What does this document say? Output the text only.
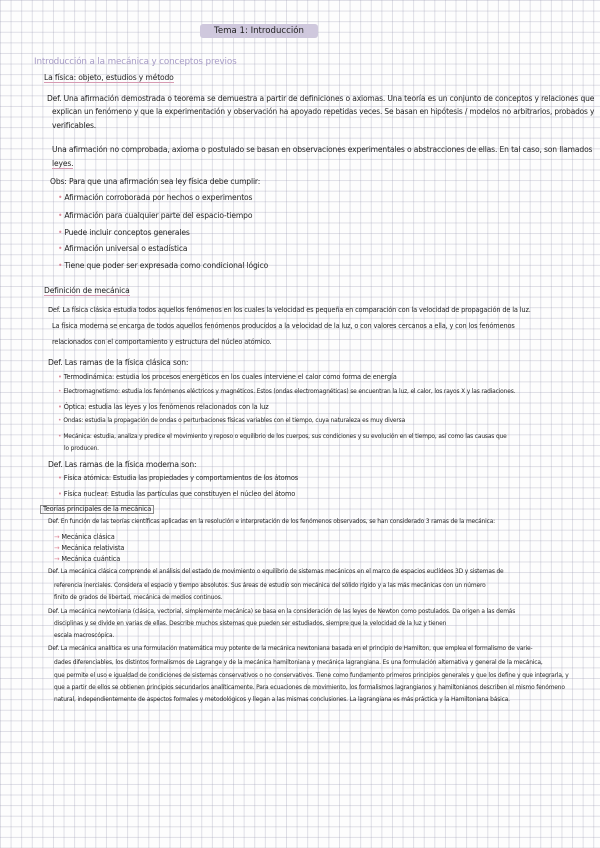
Tema 1: Introducción
Introducción a la mecánica y conceptos previos
La física: objeto, estudios y método
Def. Una afirmación demostrada o teorema se demuestra a partir de definiciones o axiomas. Una teoría es un conjunto de conceptos y relaciones que
explican un fenómeno y que la experimentación y observación ha apoyado repetidas veces. Se basan en hipótesis / modelos no arbitrarios, probados y
verificables.
Una afirmación no comprobada, axioma o postulado se basan en observaciones experimentales o abstracciones de ellas. En tal caso, son llamados
leyes.
Obs: Para que una afirmación sea ley física debe cumplir:
• Afirmación corroborada por hechos o experimentos
• Afirmación para cualquier parte del espacio-tiempo
• Puede incluir conceptos generales
• Afirmación universal o estadística
• Tiene que poder ser expresada como condicional lógico
Definición de mecánica
Def. La física clásica estudia todos aquellos fenómenos en los cuales la velocidad es pequeña en comparación con la velocidad de propagación de la luz.
La física moderna se encarga de todos aquellos fenómenos producidos a la velocidad de la luz, o con valores cercanos a ella, y con los fenómenos
relacionados con el comportamiento y estructura del núcleo atómico.
Def. Las ramas de la física clásica son:
• Termodinámica: estudia los procesos energéticos en los cuales interviene el calor como forma de energía
• Electromagnetismo: estudia los fenómenos eléctricos y magnéticos. Estos (ondas electromagnéticas) se encuentran la luz, el calor, los rayos X y las radiaciones.
• Óptica: estudia las leyes y los fenómenos relacionados con la luz
• Ondas: estudia la propagación de ondas o perturbaciones físicas variables con el tiempo, cuya naturaleza es muy diversa
• Mecánica: estudia, analiza y predice el movimiento y reposo o equilibrio de los cuerpos, sus condiciones y su evolución en el tiempo, así como las causas que
lo producen.
Def. Las ramas de la física moderna son:
• Física atómica: Estudia las propiedades y comportamientos de los átomos
• Física nuclear: Estudia las partículas que constituyen el núcleo del átomo
Teorías principales de la mecánica
Def. En función de las teorías científicas aplicadas en la resolución e interpretación de los fenómenos observados, se han considerado 3 ramas de la mecánica:
→ Mecánica clásica
→ Mecánica relativista
→ Mecánica cuántica
Def. La mecánica clásica comprende el análisis del estado de movimiento o equilibrio de sistemas mecánicos en el marco de espacios euclídeos 3D y sistemas de
referencia inerciales. Considera el espacio y tiempo absolutos. Sus áreas de estudio son mecánica del sólido rígido y a las más mecánicas con un número
finito de grados de libertad, mecánica de medios continuos.
Def. La mecánica newtoniana (clásica, vectorial, simplemente mecánica) se basa en la consideración de las leyes de Newton como postulados. Da origen a las demás
disciplinas y se divide en varias de ellas. Describe muchos sistemas que pueden ser estudiados, siempre que la velocidad de la luz y tienen
escala macroscópica.
Def. La mecánica analítica es una formulación matemática muy potente de la mecánica newtoniana basada en el principio de Hamilton, que emplea el formalismo de varie-
dades diferenciables, los distintos formalismos de Lagrange y de la mecánica hamiltoniana y mecánica lagrangiana. Es una formulación alternativa y general de la mecánica,
que permite el uso e igualdad de condiciones de sistemas conservativos o no conservativos. Tiene como fundamento primeros principios generales y que los define y que integrarla, y
que a partir de ellos se obtienen principios secundarios analíticamente. Para ecuaciones de movimiento, los formalismos lagrangianos y hamiltonianos describen el mismo fenómeno
natural, independientemente de aspectos formales y metodológicos y llegan a las mismas conclusiones. La lagrangiana es más práctica y la Hamiltoniana básica.
